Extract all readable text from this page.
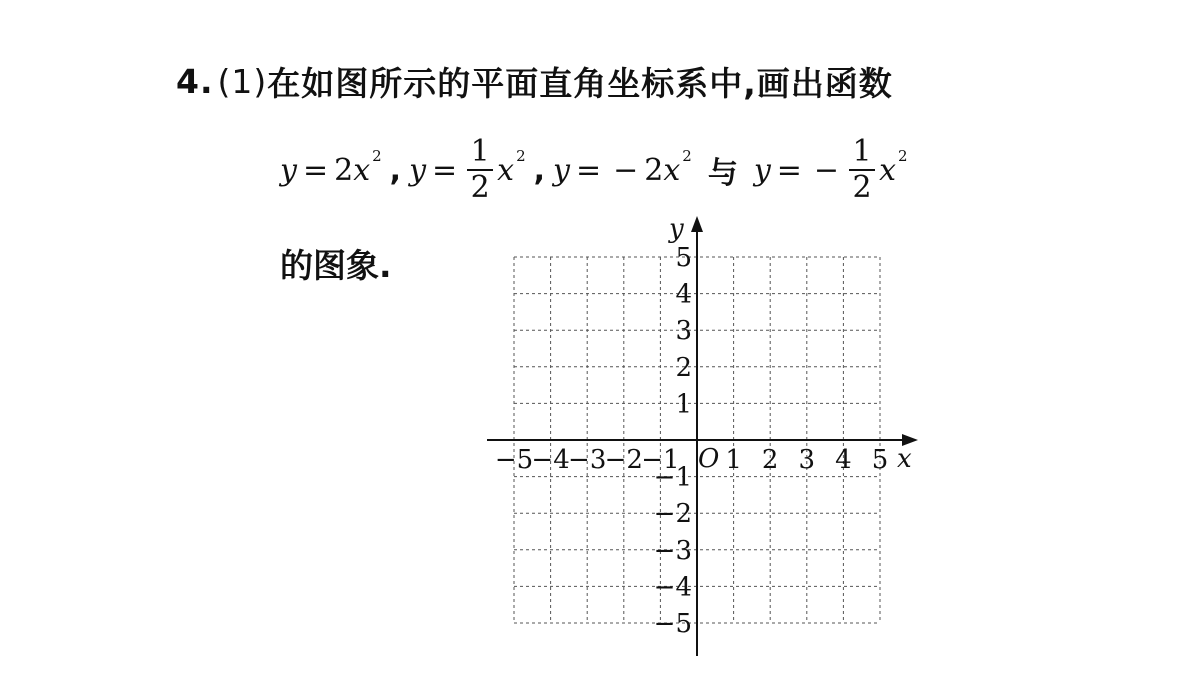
4. (1) 在如图所示的平面直角坐标系中,画出函数
y = 2 x 2 , $y = \frac{1}{2}$ x 2 , y = − 2 x 2 与 y = − $\frac{1}{2}$ x 2
的图象.
−5
−4
−3
−2
−1 1 2 3 4 5
5
4
3
2
1
−1
−2
−3
−4
−5
O	x
y
